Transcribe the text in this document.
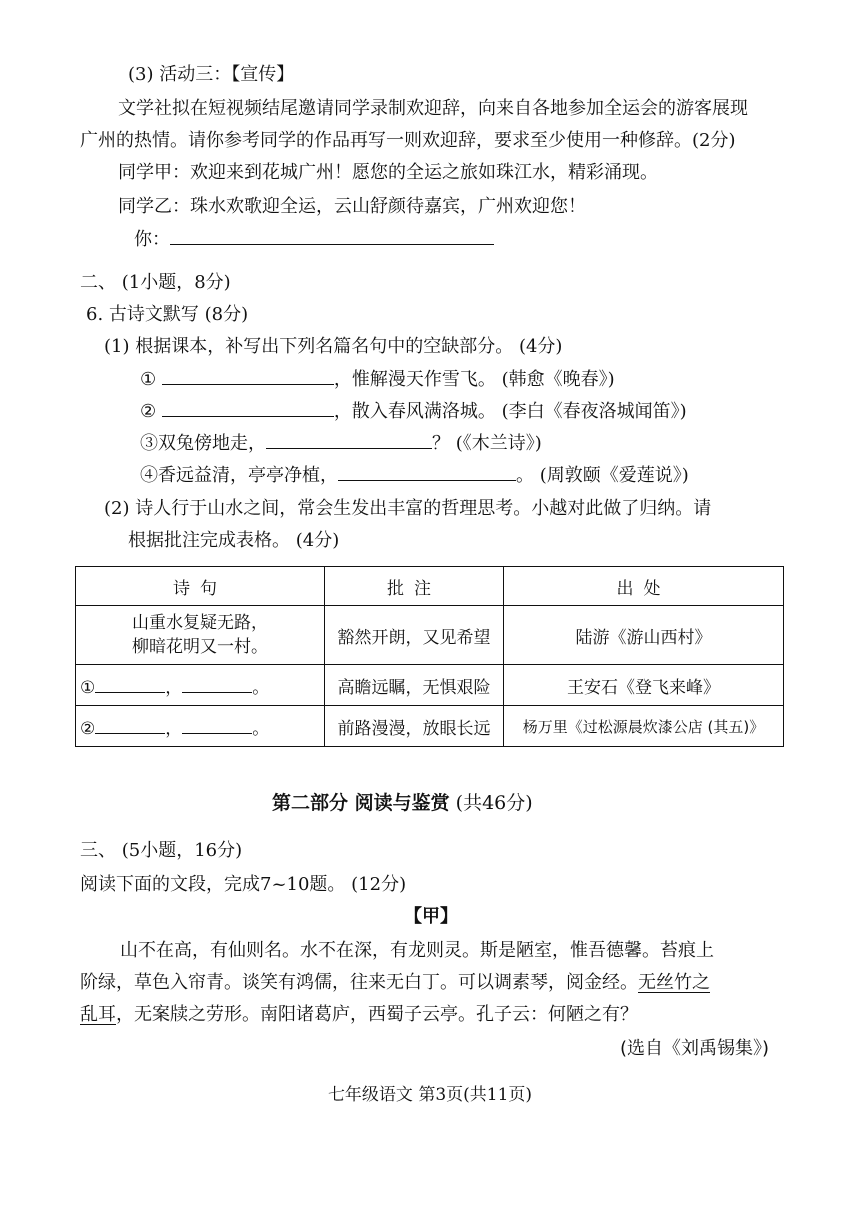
(3) 活动三：【宣传】
文学社拟在短视频结尾邀请同学录制欢迎辞，向来自各地参加全运会的游客展现
广州的热情。请你参考同学的作品再写一则欢迎辞，要求至少使用一种修辞。(2分)
同学甲：欢迎来到花城广州！愿您的全运之旅如珠江水，精彩涌现。
同学乙：珠水欢歌迎全运，云山舒颜待嘉宾，广州欢迎您！
你：
二、 (1小题，8分)
6. 古诗文默写 (8分)
(1) 根据课本，补写出下列名篇名句中的空缺部分。 (4分)
①	，惟解漫天作雪飞。 (韩愈《晚春》)
②	，散入春风满洛城。 (李白《春夜洛城闻笛》)
③双兔傍地走，	？ (《木兰诗》)
④香远益清，亭亭净植，	。 (周敦颐《爱莲说》)
(2) 诗人行于山水之间，常会生发出丰富的哲理思考。小越对此做了归纳。请
根据批注完成表格。 (4分)
诗句	批注	出处

山重水复疑无路，
柳暗花明又一村。	豁然开朗，又见希望	陆游《游山西村》
① ， 。	高瞻远瞩，无惧艰险	王安石《登飞来峰》
② ， 。	前路漫漫，放眼长远	杨万里《过松源晨炊漆公店 (其五)》
第二部分 阅读与鉴赏 (共46分)
三、 (5小题，16分)
阅读下面的文段，完成7~10题。 (12分)
【甲】
山不在高，有仙则名。水不在深，有龙则灵。斯是陋室，惟吾德馨。苔痕上
阶绿，草色入帘青。谈笑有鸿儒，往来无白丁。可以调素琴，阅金经。无丝竹之
乱耳，无案牍之劳形。南阳诸葛庐，西蜀子云亭。孔子云：何陋之有？
(选自《刘禹锡集》)
七年级语文 第3页(共11页)
